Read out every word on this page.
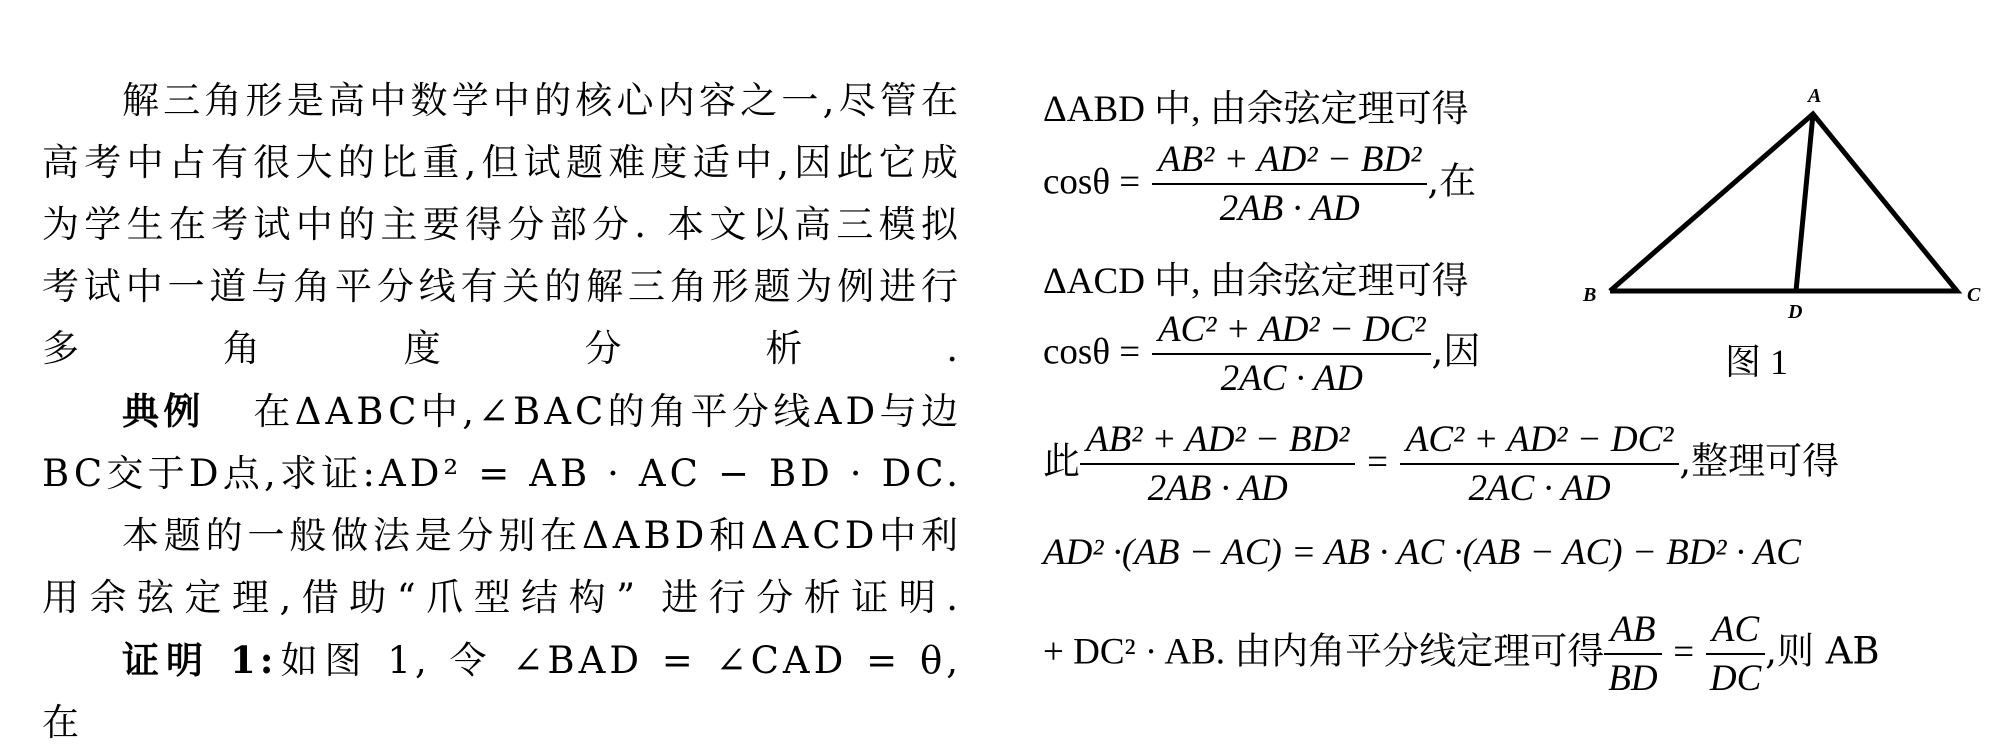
解三角形是高中数学中的核心内容之一,尽管在高考中占有很大的比重,但试题难度适中,因此它成为学生在考试中的主要得分部分. 本文以高三模拟考试中一道与角平分线有关的解三角形题为例进行多角度分析.

典例 在ΔABC中,∠BAC的角平分线AD与边BC交于D点,求证:AD² = AB · AC − BD · DC.

本题的一般做法是分别在ΔABD和ΔACD中利用余弦定理,借助“爪型结构” 进行分析证明.

证明 1:如图 1, 令 ∠BAD = ∠CAD = θ, 在

ΔABD 中, 由余弦定理可得
$\cos\theta = \frac{\text{AB² + AD² − BD²}}{2AB \cdot AD}$ ,在
ΔACD 中, 由余弦定理可得
$\cos\theta = \frac{\text{AC² + AD² − DC²}}{2AC \cdot AD}$ ,因
此 $\frac{\text{AB² + AD² − BD²}}{2AB \cdot AD} = \frac{\text{AC² + AD² − DC²}}{2AC \cdot AD}$ ,整理可得
AD² ·(AB − AC) = AB · AC ·(AB − AC) − BD² · AC
+ DC² · AB. 由内角平分线定理可得 $\frac{AB}{BD} = \frac{AC}{DC}$ ,则 AB
A
B	C
D
图 1
